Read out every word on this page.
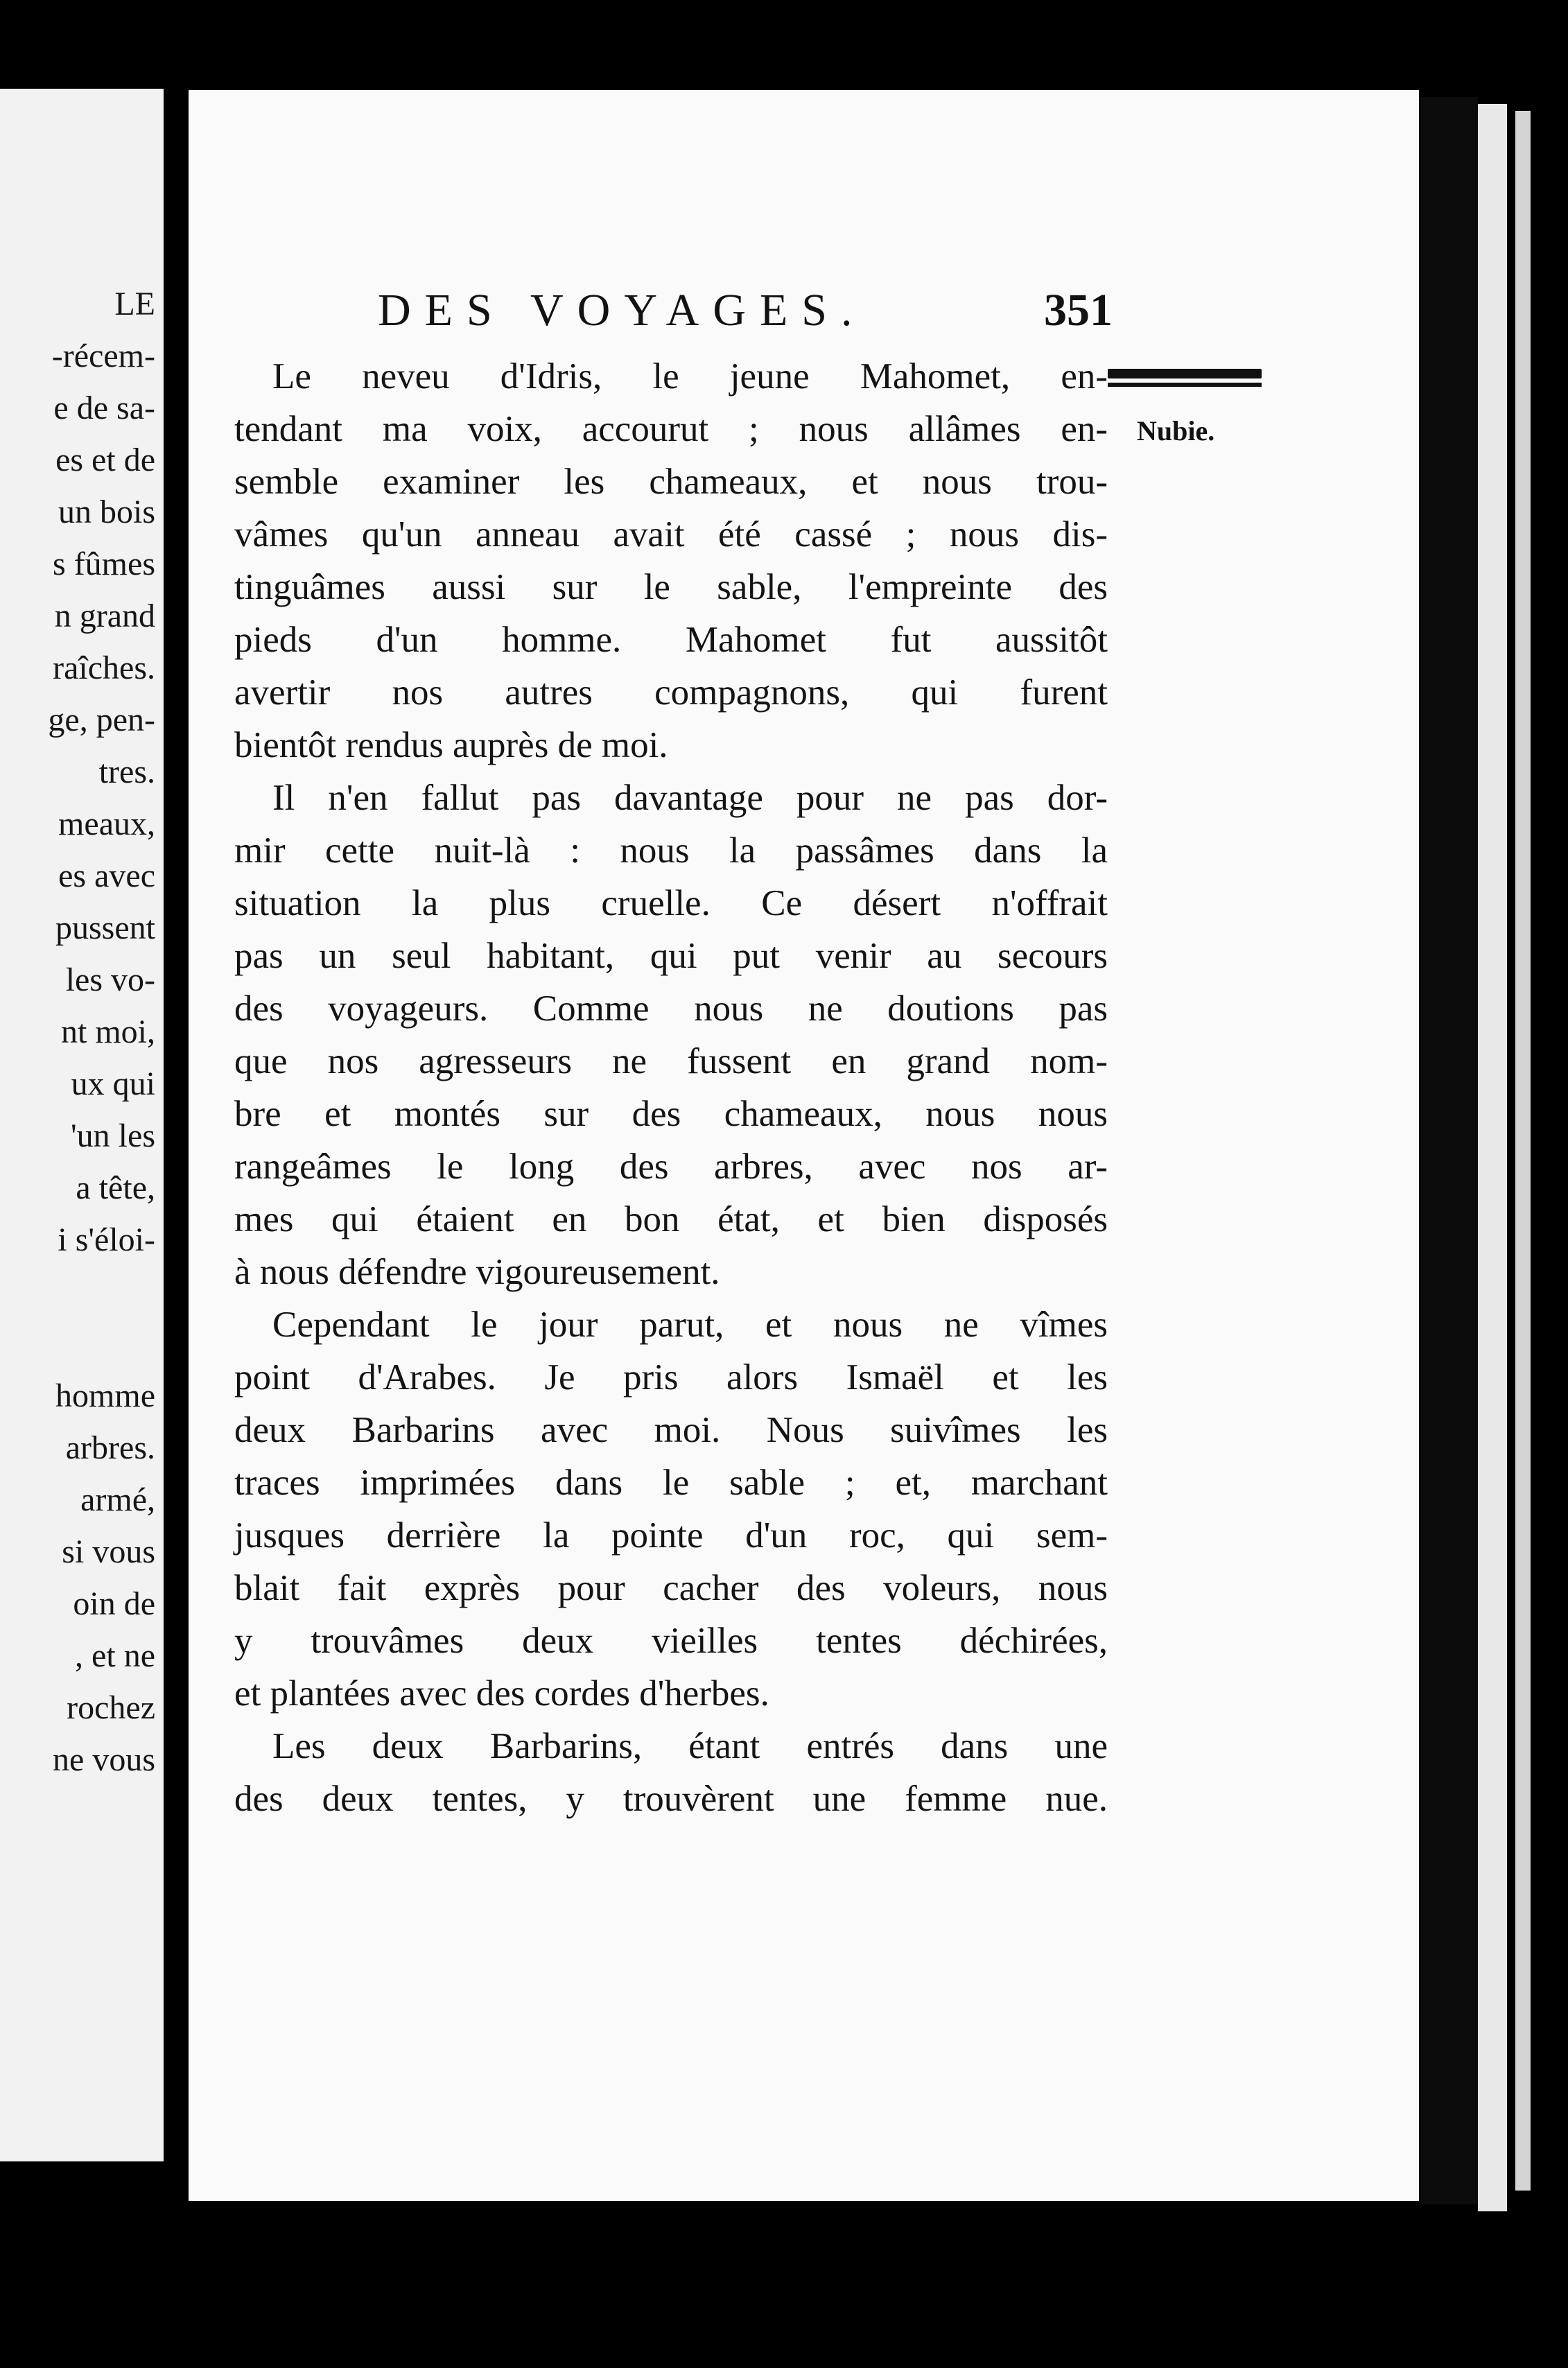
LE
-récem-
e de sa-
es et de
un bois
s fûmes
n grand
raîches.
ge, pen-
tres.
meaux,
es avec
pussent
les vo-
nt moi,
ux qui
'un les
a tête,
i s'éloi-
homme
arbres.
armé,
si vous
oin de
, et ne
rochez
ne vous
DES VOYAGES.	351
Nubie.
Le neveu d'Idris, le jeune Mahomet, en-
tendant ma voix, accourut ; nous allâmes en-
semble examiner les chameaux, et nous trou-
vâmes qu'un anneau avait été cassé ; nous dis-
tinguâmes aussi sur le sable, l'empreinte des
pieds d'un homme. Mahomet fut aussitôt
avertir nos autres compagnons, qui furent
bientôt rendus auprès de moi.
Il n'en fallut pas davantage pour ne pas dor-
mir cette nuit-là : nous la passâmes dans la
situation la plus cruelle. Ce désert n'offrait
pas un seul habitant, qui put venir au secours
des voyageurs. Comme nous ne doutions pas
que nos agresseurs ne fussent en grand nom-
bre et montés sur des chameaux, nous nous
rangeâmes le long des arbres, avec nos ar-
mes qui étaient en bon état, et bien disposés
à nous défendre vigoureusement.
Cependant le jour parut, et nous ne vîmes
point d'Arabes. Je pris alors Ismaël et les
deux Barbarins avec moi. Nous suivîmes les
traces imprimées dans le sable ; et, marchant
jusques derrière la pointe d'un roc, qui sem-
blait fait exprès pour cacher des voleurs, nous
y trouvâmes deux vieilles tentes déchirées,
et plantées avec des cordes d'herbes.
Les deux Barbarins, étant entrés dans une
des deux tentes, y trouvèrent une femme nue.
